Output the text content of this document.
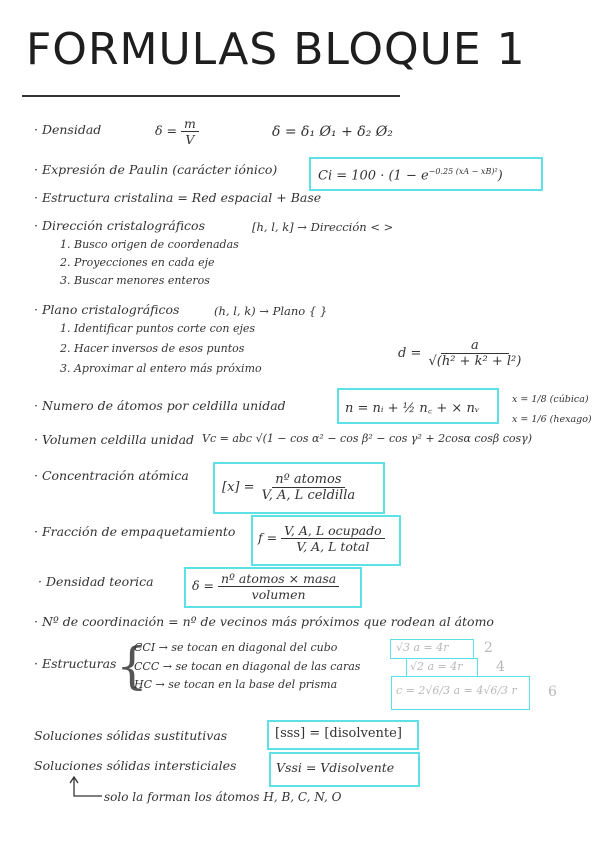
FORMULAS BLOQUE 1
· Densidad	$\delta = \frac{m}{V}$	δ = δ₁ Ø₁ + δ₂ Ø₂
· Expresión de Paulin (carácter iónico)	$Ci = 100 \cdot (1 - e^{-0.25 (xA - xB)^2})$
· Estructura cristalina = Red espacial + Base
· Dirección cristalográficos	[h, l, k] → Dirección < >
1. Busco origen de coordenadas
2. Proyecciones en cada eje
3. Buscar menores enteros
· Plano cristalográficos	(h, l, k) → Plano { }
1. Identificar puntos corte con ejes
2. Hacer inversos de esos puntos
3. Aproximar al entero más próximo
$d = \frac{a}{\text{√(h² + k² + l²)}}$
· Numero de átomos por celdilla unidad	n = nᵢ + ½ n꜀ + × nᵥ
x = 1/8 (cúbica)
x = 1/6 (hexago)
· Volumen celdilla unidad Vc = abc √(1 − cos α² − cos β² − cos γ² + 2cosα cosβ cosγ)
· Concentración atómica
$[x] = \frac{\text{nº atomos}}{\text{V, A, L celdilla}}$
· Fracción de empaquetamiento $f = \frac{\text{V, A, L ocupado}}{\text{V, A, L total}}$
· Densidad teorica	$\delta = \frac{\text{nº atomos × masa}}{\text{volumen}}$
· Nº de coordinación = nº de vecinos más próximos que rodean al átomo
· Estructuras {
CCI → se tocan en diagonal del cubo
CCC → se tocan en diagonal de las caras
HC → se tocan en la base del prisma
√3 a = 4r	2
√2 a = 4r 4
c = 2√6/3 a = 4√6/3 r 6
Soluciones sólidas sustitutivas	[sss] = [disolvente]
Soluciones sólidas intersticiales	Vssi = Vdisolvente
solo la forman los átomos H, B, C, N, O
